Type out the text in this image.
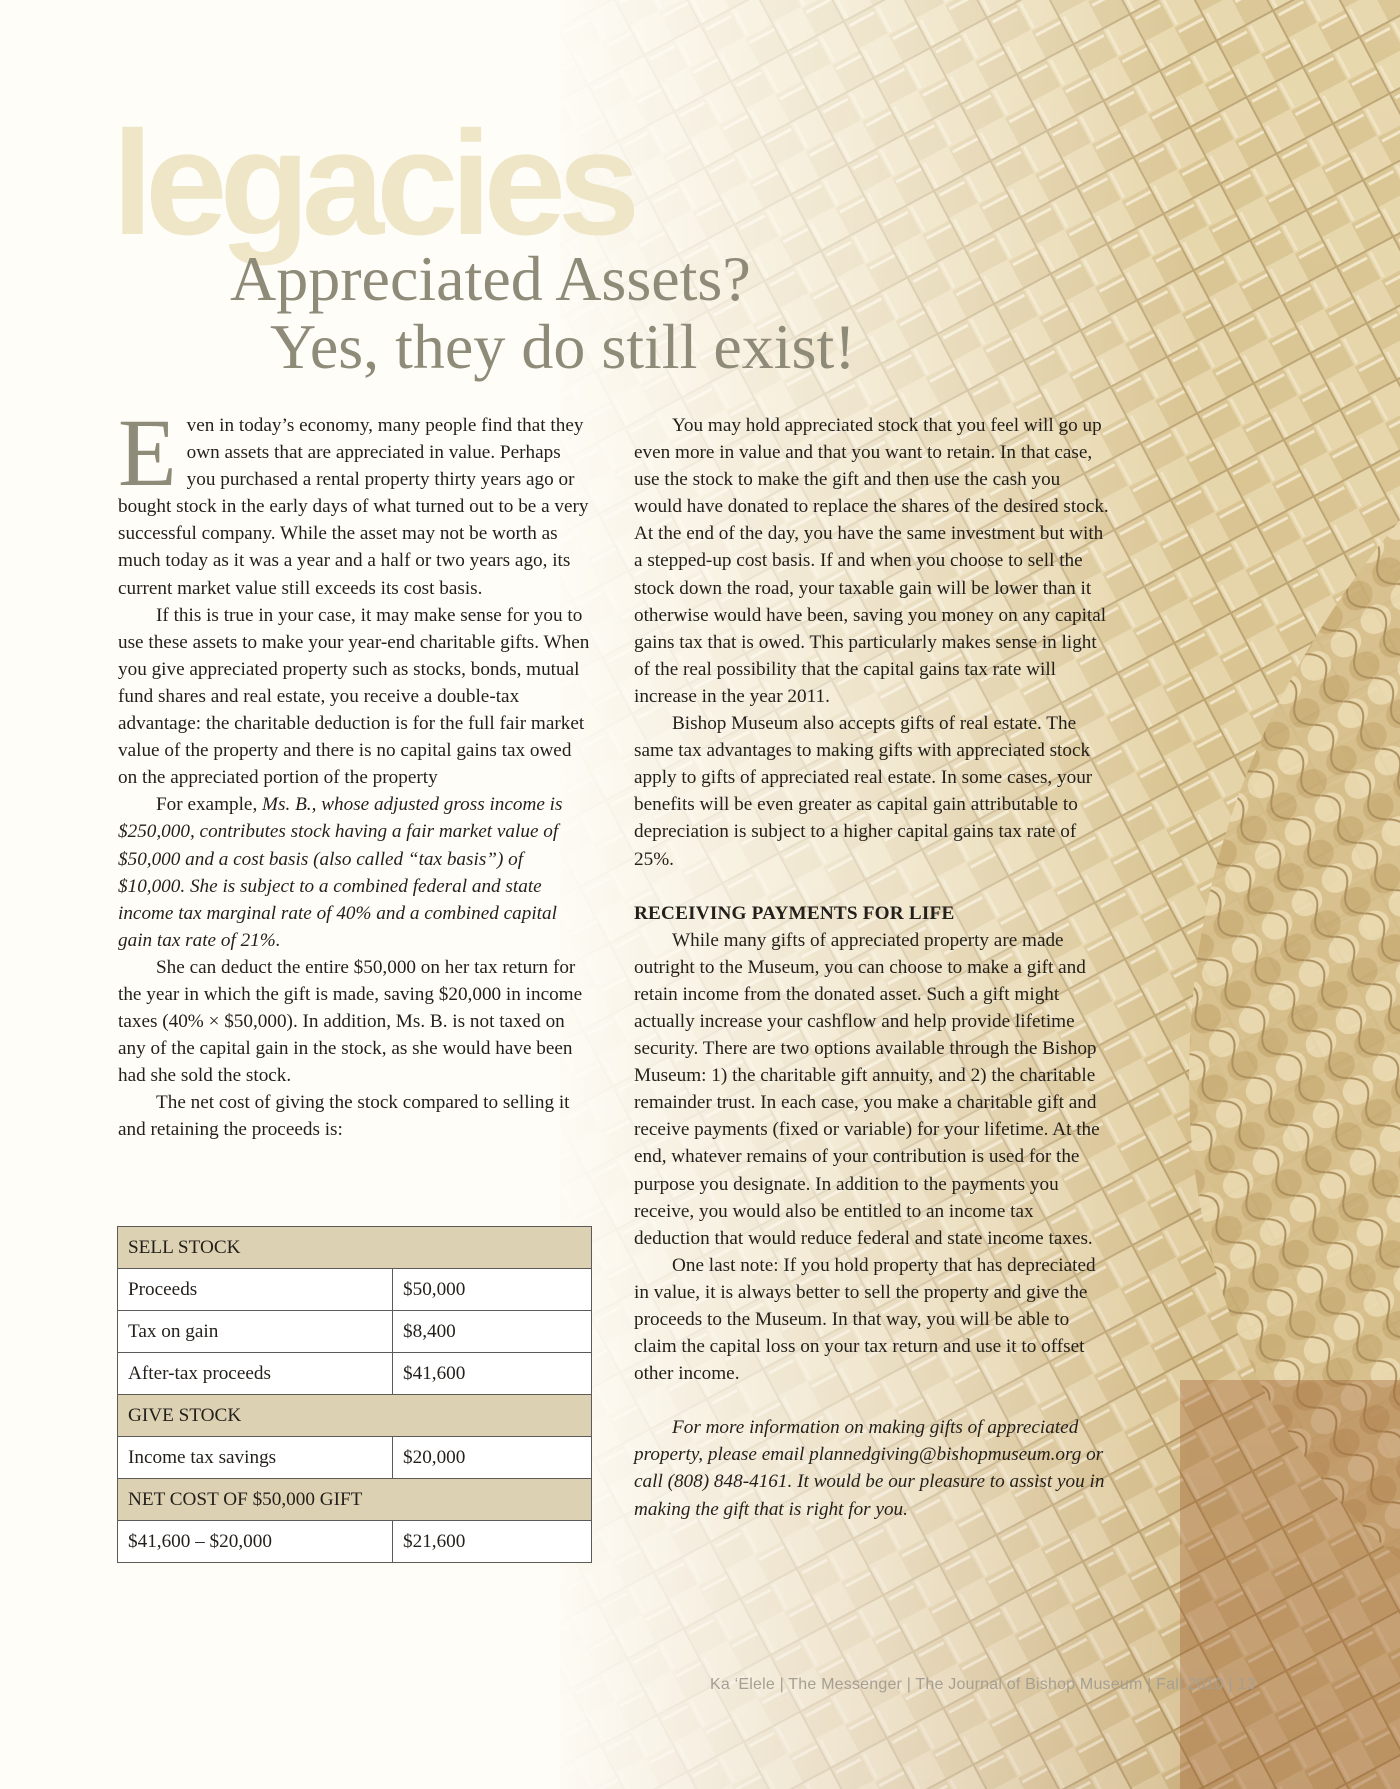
legacies
Appreciated Assets?
Yes, they do still exist!

Even in today’s economy, many people find that they own assets that are appreciated in value. Perhaps you purchased a rental property thirty years ago or bought stock in the early days of what turned out to be a very successful company. While the asset may not be worth as much today as it was a year and a half or two years ago, its current market value still exceeds its cost basis.

If this is true in your case, it may make sense for you to use these assets to make your year-end charitable gifts. When you give appreciated property such as stocks, bonds, mutual fund shares and real estate, you receive a double-tax advantage: the charitable deduction is for the full fair market value of the property and there is no capital gains tax owed on the appreciated portion of the property

For example, Ms. B., whose adjusted gross income is $250,000, contributes stock having a fair market value of $50,000 and a cost basis (also called “tax basis”) of $10,000. She is subject to a combined federal and state income tax marginal rate of 40% and a combined capital gain tax rate of 21%.

She can deduct the entire $50,000 on her tax return for the year in which the gift is made, saving $20,000 in income taxes (40% × $50,000). In addition, Ms. B. is not taxed on any of the capital gain in the stock, as she would have been had she sold the stock.

The net cost of giving the stock compared to selling it and retaining the proceeds is:

SELL STOCK	
Proceeds	$50,000
Tax on gain	$8,400
After-tax proceeds	$41,600
GIVE STOCK	
Income tax savings	$20,000
NET COST OF $50,000 GIFT	
$41,600 – $20,000	$21,600

You may hold appreciated stock that you feel will go up even more in value and that you want to retain. In that case, use the stock to make the gift and then use the cash you would have donated to replace the shares of the desired stock. At the end of the day, you have the same investment but with a stepped-up cost basis. If and when you choose to sell the stock down the road, your taxable gain will be lower than it otherwise would have been, saving you money on any capital gains tax that is owed. This particularly makes sense in light of the real possibility that the capital gains tax rate will increase in the year 2011.

Bishop Museum also accepts gifts of real estate. The same tax advantages to making gifts with appreciated stock apply to gifts of appreciated real estate. In some cases, your benefits will be even greater as capital gain attributable to depreciation is subject to a higher capital gains tax rate of 25%.

RECEIVING PAYMENTS FOR LIFE

While many gifts of appreciated property are made outright to the Museum, you can choose to make a gift and retain income from the donated asset. Such a gift might actually increase your cashflow and help provide lifetime security. There are two options available through the Bishop Museum: 1) the charitable gift annuity, and 2) the charitable remainder trust. In each case, you make a charitable gift and receive payments (fixed or variable) for your lifetime. At the end, whatever remains of your contribution is used for the purpose you designate. In addition to the payments you receive, you would also be entitled to an income tax deduction that would reduce federal and state income taxes.

One last note: If you hold property that has depreciated in value, it is always better to sell the property and give the proceeds to the Museum. In that way, you will be able to claim the capital loss on your tax return and use it to offset other income.

For more information on making gifts of appreciated property, please email plannedgiving@bishopmuseum.org or call (808) 848-4161. It would be our pleasure to assist you in making the gift that is right for you.

Ka ‘Elele | The Messenger | The Journal of Bishop Museum | Fall 2010 | 13
